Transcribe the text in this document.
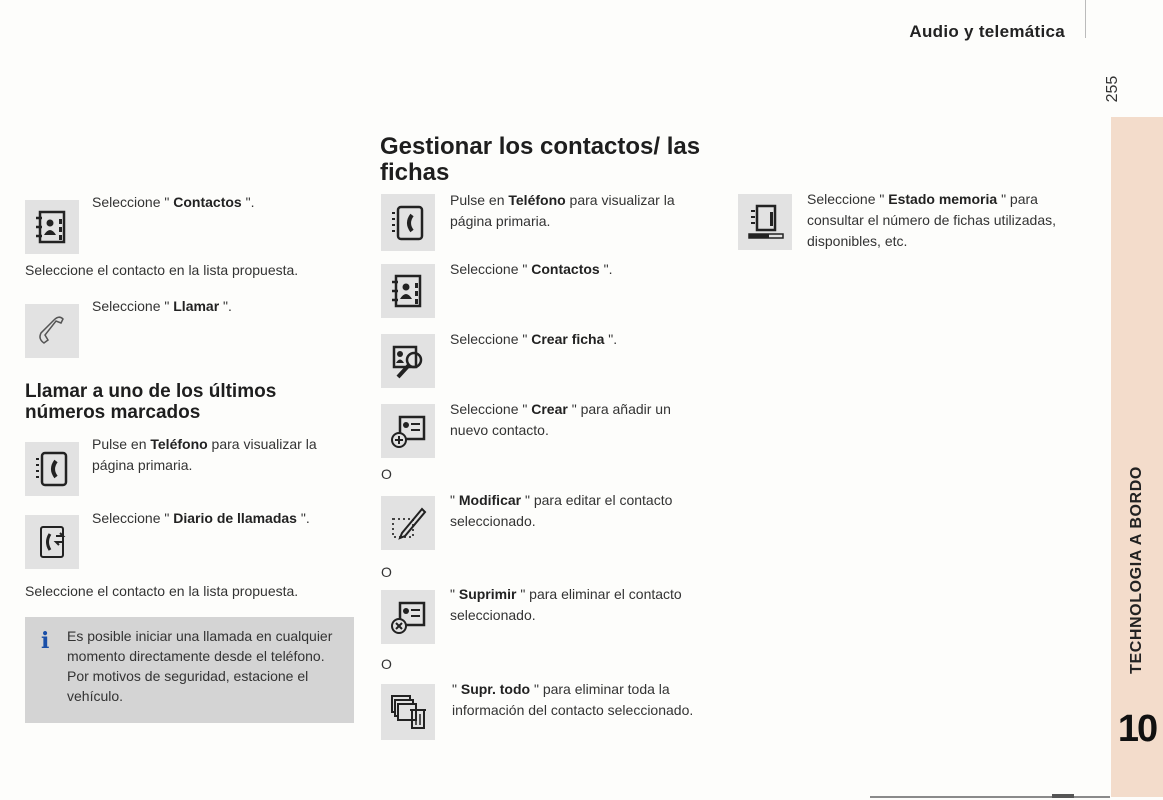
Audio y telemática
255
TECHNOLOGIA A BORDO
10
Seleccione " Contactos ".
Seleccione el contacto en la lista propuesta.
Seleccione " Llamar ".
Llamar a uno de los últimos números marcados
Pulse en Teléfono para visualizar la página primaria.
Seleccione " Diario de llamadas ".
Seleccione el contacto en la lista propuesta.
i Es posible iniciar una llamada en cualquier momento directamente desde el teléfono. Por motivos de seguridad, estacione el vehículo.
Gestionar los contactos/ las fichas
Pulse en Teléfono para visualizar la página primaria.
Seleccione " Contactos ".
Seleccione " Crear ficha ".
Seleccione " Crear " para añadir un nuevo contacto.
O
" Modificar " para editar el contacto seleccionado.
O
" Suprimir " para eliminar el contacto seleccionado.
O
" Supr. todo " para eliminar toda la información del contacto seleccionado.
Seleccione " Estado memoria " para consultar el número de fichas utilizadas, disponibles, etc.
